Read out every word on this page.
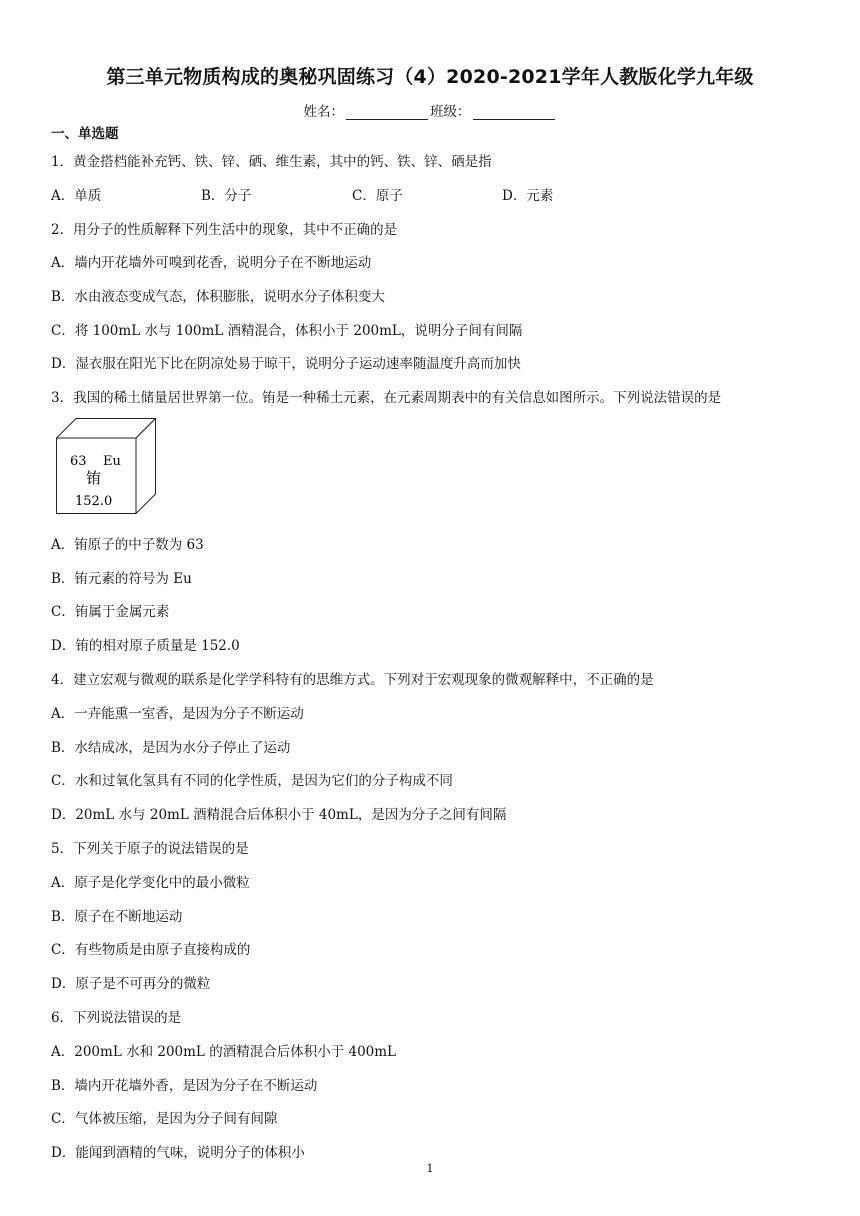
第三单元物质构成的奥秘巩固练习（4）2020-2021学年人教版化学九年级
姓名：	班级：
一、单选题
1．黄金搭档能补充钙、铁、锌、硒、维生素，其中的钙、铁、锌、硒是指
A．单质	B．分子	C．原子	D．元素
2．用分子的性质解释下列生活中的现象，其中不正确的是
A．墙内开花墙外可嗅到花香，说明分子在不断地运动
B．水由液态变成气态，体积膨胀，说明水分子体积变大
C．将 100mL 水与 100mL 酒精混合，体积小于 200mL，说明分子间有间隔
D．湿衣服在阳光下比在阴凉处易于晾干，说明分子运动速率随温度升高而加快
3．我国的稀土储量居世界第一位。铕是一种稀土元素，在元素周期表中的有关信息如图所示。下列说法错误的是
63 Eu
铕
152.0
A．铕原子的中子数为 63
B．铕元素的符号为 Eu
C．铕属于金属元素
D．铕的相对原子质量是 152.0
4．建立宏观与微观的联系是化学学科特有的思维方式。下列对于宏观现象的微观解释中，不正确的是
A．一卉能熏一室香，是因为分子不断运动
B．水结成冰，是因为水分子停止了运动
C．水和过氧化氢具有不同的化学性质，是因为它们的分子构成不同
D．20mL 水与 20mL 酒精混合后体积小于 40mL，是因为分子之间有间隔
5．下列关于原子的说法错误的是
A．原子是化学变化中的最小微粒
B．原子在不断地运动
C．有些物质是由原子直接构成的
D．原子是不可再分的微粒
6．下列说法错误的是
A．200mL 水和 200mL 的酒精混合后体积小于 400mL
B．墙内开花墙外香，是因为分子在不断运动
C．气体被压缩，是因为分子间有间隙
D．能闻到酒精的气味，说明分子的体积小
1
